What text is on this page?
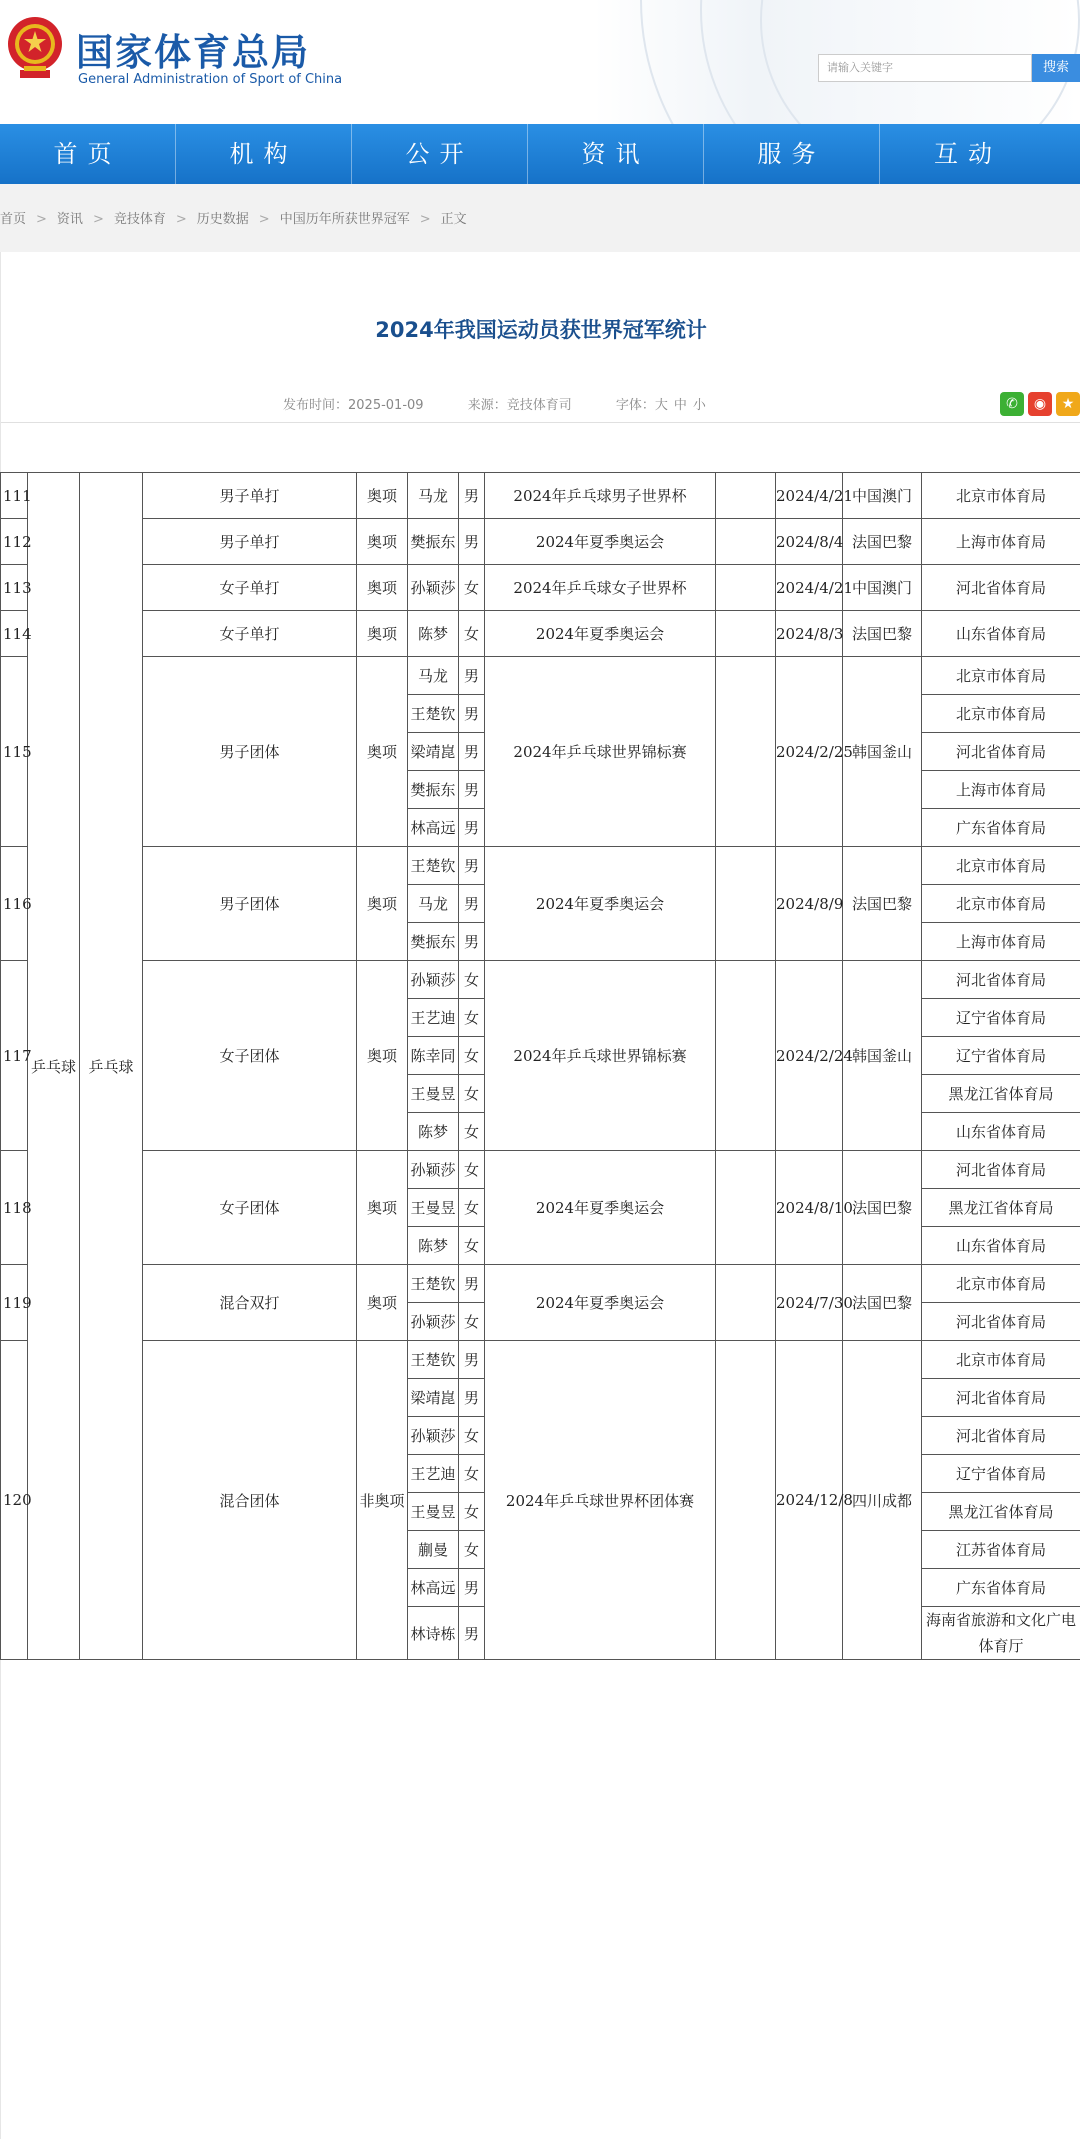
国家体育总局
General Administration of Sport of China
请输入关键字	搜索
首页	机构	公开	资讯	服务	互动
首页 > 资讯 > 竞技体育 > 历史数据 > 中国历年所获世界冠军 > 正文
2024年我国运动员获世界冠军统计
发布时间：2025-01-09	来源：竞技体育司	字体：大 中 小	✆	◉	★
111	乒乓球	乒乓球	男子单打	奥项	马龙	男	2024年乒乓球男子世界杯		2024/4/21	中国澳门	北京市体育局
112			男子单打	奥项	樊振东	男	2024年夏季奥运会		2024/8/4	法国巴黎	上海市体育局
113			女子单打	奥项	孙颖莎	女	2024年乒乓球女子世界杯		2024/4/21	中国澳门	河北省体育局
114			女子单打	奥项	陈梦	女	2024年夏季奥运会		2024/8/3	法国巴黎	山东省体育局
115			男子团体	奥项	马龙	男	2024年乒乓球世界锦标赛		2024/2/25	韩国釜山	北京市体育局
					王楚钦	男					北京市体育局
					梁靖崑	男					河北省体育局
					樊振东	男					上海市体育局
					林高远	男					广东省体育局
116			男子团体	奥项	王楚钦	男	2024年夏季奥运会		2024/8/9	法国巴黎	北京市体育局
					马龙	男					北京市体育局
					樊振东	男					上海市体育局
117			女子团体	奥项	孙颖莎	女	2024年乒乓球世界锦标赛		2024/2/24	韩国釜山	河北省体育局
					王艺迪	女					辽宁省体育局
					陈幸同	女					辽宁省体育局
					王曼昱	女					黑龙江省体育局
					陈梦	女					山东省体育局
118			女子团体	奥项	孙颖莎	女	2024年夏季奥运会		2024/8/10	法国巴黎	河北省体育局
					王曼昱	女					黑龙江省体育局
					陈梦	女					山东省体育局
119			混合双打	奥项	王楚钦	男	2024年夏季奥运会		2024/7/30	法国巴黎	北京市体育局
					孙颖莎	女					河北省体育局
120			混合团体	非奥项	王楚钦	男	2024年乒乓球世界杯团体赛		2024/12/8	四川成都	北京市体育局
					梁靖崑	男					河北省体育局
					孙颖莎	女					河北省体育局
					王艺迪	女					辽宁省体育局
					王曼昱	女					黑龙江省体育局
					蒯曼	女					江苏省体育局
					林高远	男					广东省体育局
					林诗栋	男					海南省旅游和文化广电体育厅
